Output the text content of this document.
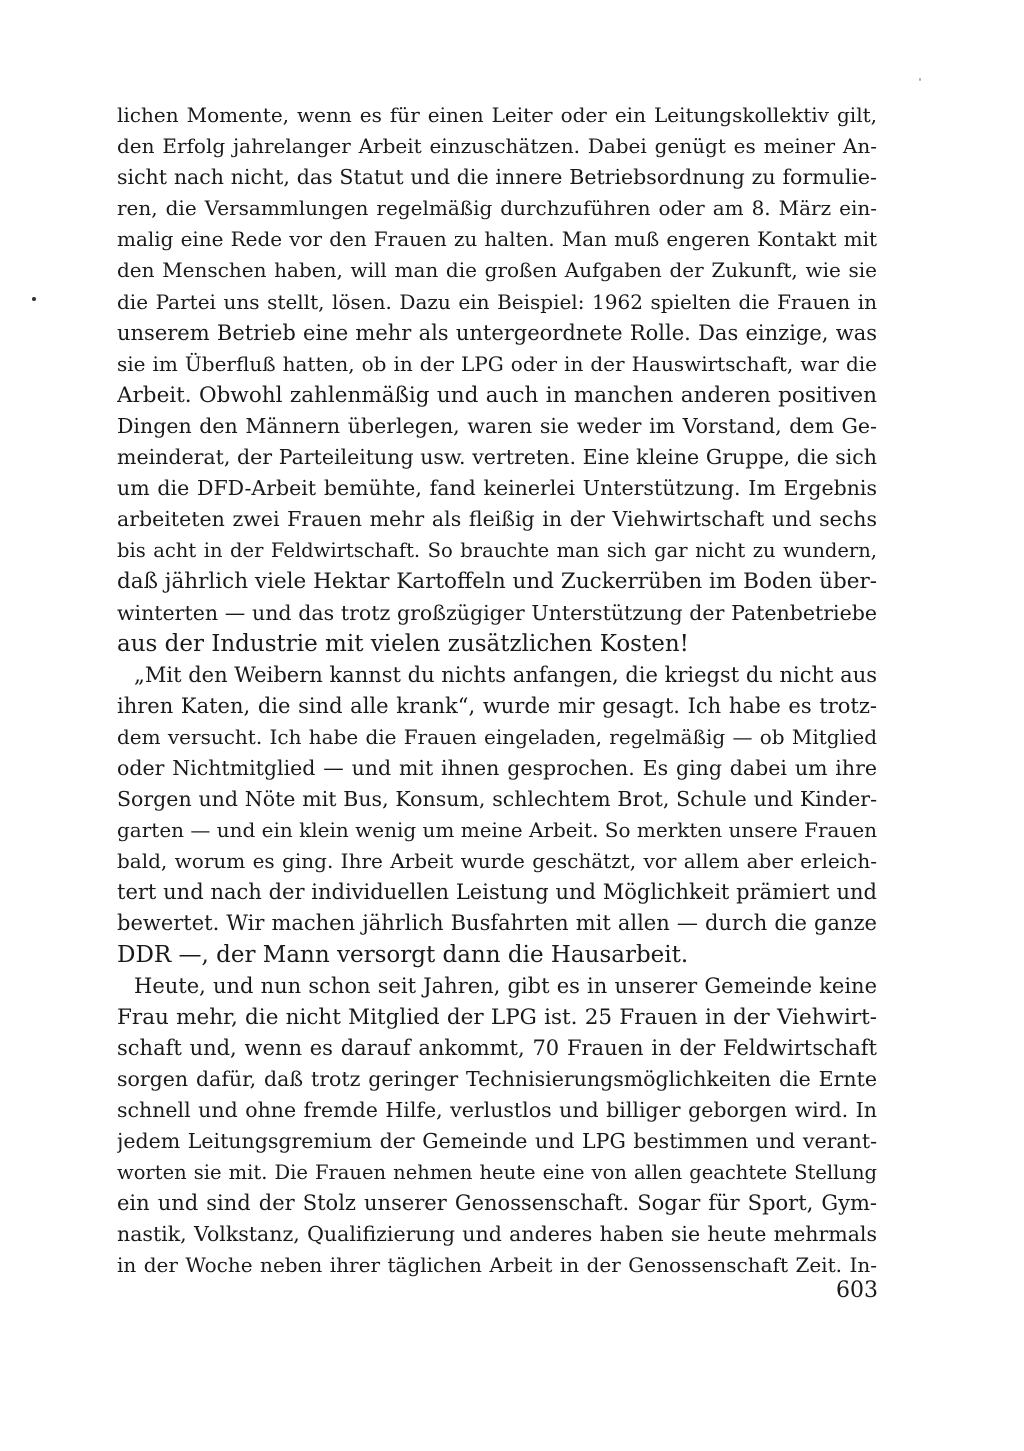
lichen Momente, wenn es für einen Leiter oder ein Leitungskollektiv gilt,
den Erfolg jahrelanger Arbeit einzuschätzen. Dabei genügt es meiner An-
sicht nach nicht, das Statut und die innere Betriebsordnung zu formulie-
ren, die Versammlungen regelmäßig durchzuführen oder am 8. März ein-
malig eine Rede vor den Frauen zu halten. Man muß engeren Kontakt mit
den Menschen haben, will man die großen Aufgaben der Zukunft, wie sie
die Partei uns stellt, lösen. Dazu ein Beispiel: 1962 spielten die Frauen in
unserem Betrieb eine mehr als untergeordnete Rolle. Das einzige, was
sie im Überfluß hatten, ob in der LPG oder in der Hauswirtschaft, war die
Arbeit. Obwohl zahlenmäßig und auch in manchen anderen positiven
Dingen den Männern überlegen, waren sie weder im Vorstand, dem Ge-
meinderat, der Parteileitung usw. vertreten. Eine kleine Gruppe, die sich
um die DFD-Arbeit bemühte, fand keinerlei Unterstützung. Im Ergebnis
arbeiteten zwei Frauen mehr als fleißig in der Viehwirtschaft und sechs
bis acht in der Feldwirtschaft. So brauchte man sich gar nicht zu wundern,
daß jährlich viele Hektar Kartoffeln und Zuckerrüben im Boden über-
winterten — und das trotz großzügiger Unterstützung der Patenbetriebe
aus der Industrie mit vielen zusätzlichen Kosten!
„Mit den Weibern kannst du nichts anfangen, die kriegst du nicht aus
ihren Katen, die sind alle krank“, wurde mir gesagt. Ich habe es trotz-
dem versucht. Ich habe die Frauen eingeladen, regelmäßig — ob Mitglied
oder Nichtmitglied — und mit ihnen gesprochen. Es ging dabei um ihre
Sorgen und Nöte mit Bus, Konsum, schlechtem Brot, Schule und Kinder-
garten — und ein klein wenig um meine Arbeit. So merkten unsere Frauen
bald, worum es ging. Ihre Arbeit wurde geschätzt, vor allem aber erleich-
tert und nach der individuellen Leistung und Möglichkeit prämiert und
bewertet. Wir machen jährlich Busfahrten mit allen — durch die ganze
DDR —, der Mann versorgt dann die Hausarbeit.
Heute, und nun schon seit Jahren, gibt es in unserer Gemeinde keine
Frau mehr, die nicht Mitglied der LPG ist. 25 Frauen in der Viehwirt-
schaft und, wenn es darauf ankommt, 70 Frauen in der Feldwirtschaft
sorgen dafür, daß trotz geringer Technisierungsmöglichkeiten die Ernte
schnell und ohne fremde Hilfe, verlustlos und billiger geborgen wird. In
jedem Leitungsgremium der Gemeinde und LPG bestimmen und verant-
worten sie mit. Die Frauen nehmen heute eine von allen geachtete Stellung
ein und sind der Stolz unserer Genossenschaft. Sogar für Sport, Gym-
nastik, Volkstanz, Qualifizierung und anderes haben sie heute mehrmals
in der Woche neben ihrer täglichen Arbeit in der Genossenschaft Zeit. In-
603
